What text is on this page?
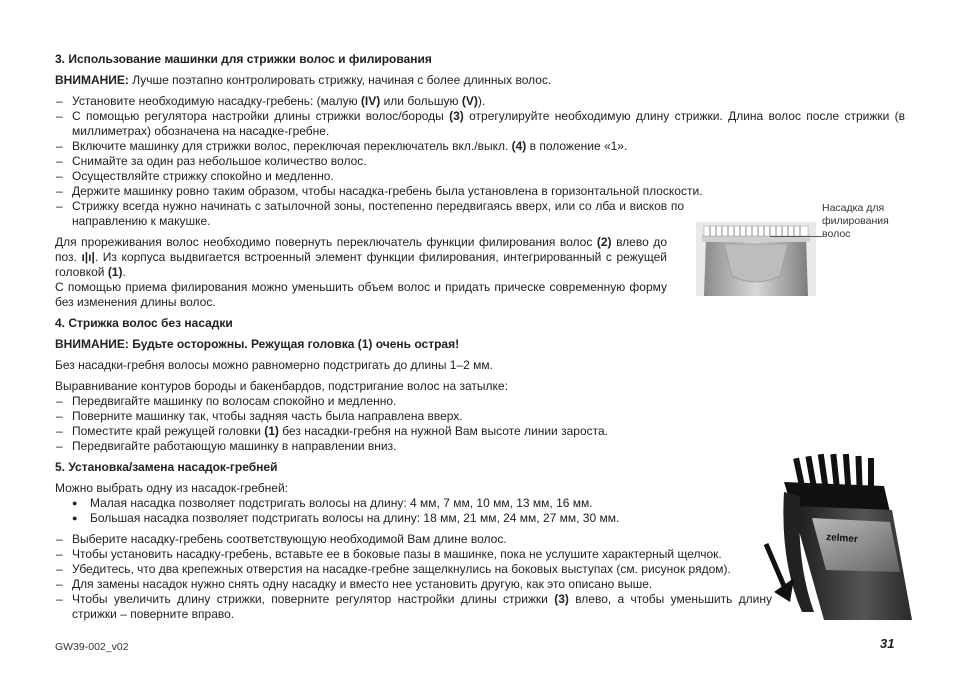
3. Использование машинки для стрижки волос и филирования

ВНИМАНИЕ: Лучше поэтапно контролировать стрижку, начиная с более длинных волос.

– Установите необходимую насадку-гребень: (малую (IV) или большую (V)).

– С помощью регулятора настройки длины стрижки волос/бороды (3) отрегулируйте необходимую длину стрижки. Длина волос после стрижки (в миллиметрах) обозначена на насадке-гребне.

– Включите машинку для стрижки волос, переключая переключатель вкл./выкл. (4) в положение «1».

– Снимайте за один раз небольшое количество волос.

– Осуществляйте стрижку спокойно и медленно.

– Держите машинку ровно таким образом, чтобы насадка-гребень была установлена в горизонтальной плоскости.

– Стрижку всегда нужно начинать с затылочной зоны, постепенно передвигаясь вверх, или со лба и висков по направлению к макушке.

Для прореживания волос необходимо повернуть переключатель функции филирования волос (2) влево до поз. ı|ı|. Из корпуса выдвигается встроенный элемент функции филирования, интегрированный с режущей головкой (1).

С помощью приема филирования можно уменьшить объем волос и придать прическе современную форму без изменения длины волос.

4. Стрижка волос без насадки

ВНИМАНИЕ: Будьте осторожны. Режущая головка (1) очень острая!

Без насадки-гребня волосы можно равномерно подстригать до длины 1–2 мм.

Выравнивание контуров бороды и бакенбардов, подстригание волос на затылке:

– Передвигайте машинку по волосам спокойно и медленно.

– Поверните машинку так, чтобы задняя часть была направлена вверх.

– Поместите край режущей головки (1) без насадки-гребня на нужной Вам высоте линии зароста.

– Передвигайте работающую машинку в направлении вниз.

5. Установка/замена насадок-гребней

Можно выбрать одну из насадок-гребней:

● Малая насадка позволяет подстригать волосы на длину: 4 мм, 7 мм, 10 мм, 13 мм, 16 мм.

● Большая насадка позволяет подстригать волосы на длину: 18 мм, 21 мм, 24 мм, 27 мм, 30 мм.

– Выберите насадку-гребень соответствующую необходимой Вам длине волос.

– Чтобы установить насадку-гребень, вставьте ее в боковые пазы в машинке, пока не услушите характерный щелчок.

– Убедитесь, что два крепежных отверстия на насадке-гребне защелкнулись на боковых выступах (см. рисунок рядом).

– Для замены насадок нужно снять одну насадку и вместо нее установить другую, как это описано выше.

– Чтобы увеличить длину стрижки, поверните регулятор настройки длины стрижки (3) влево, а чтобы уменьшить длину стрижки – поверните вправо.

Насадка для филирования волос
zelmer
GW39-002_v02	31
